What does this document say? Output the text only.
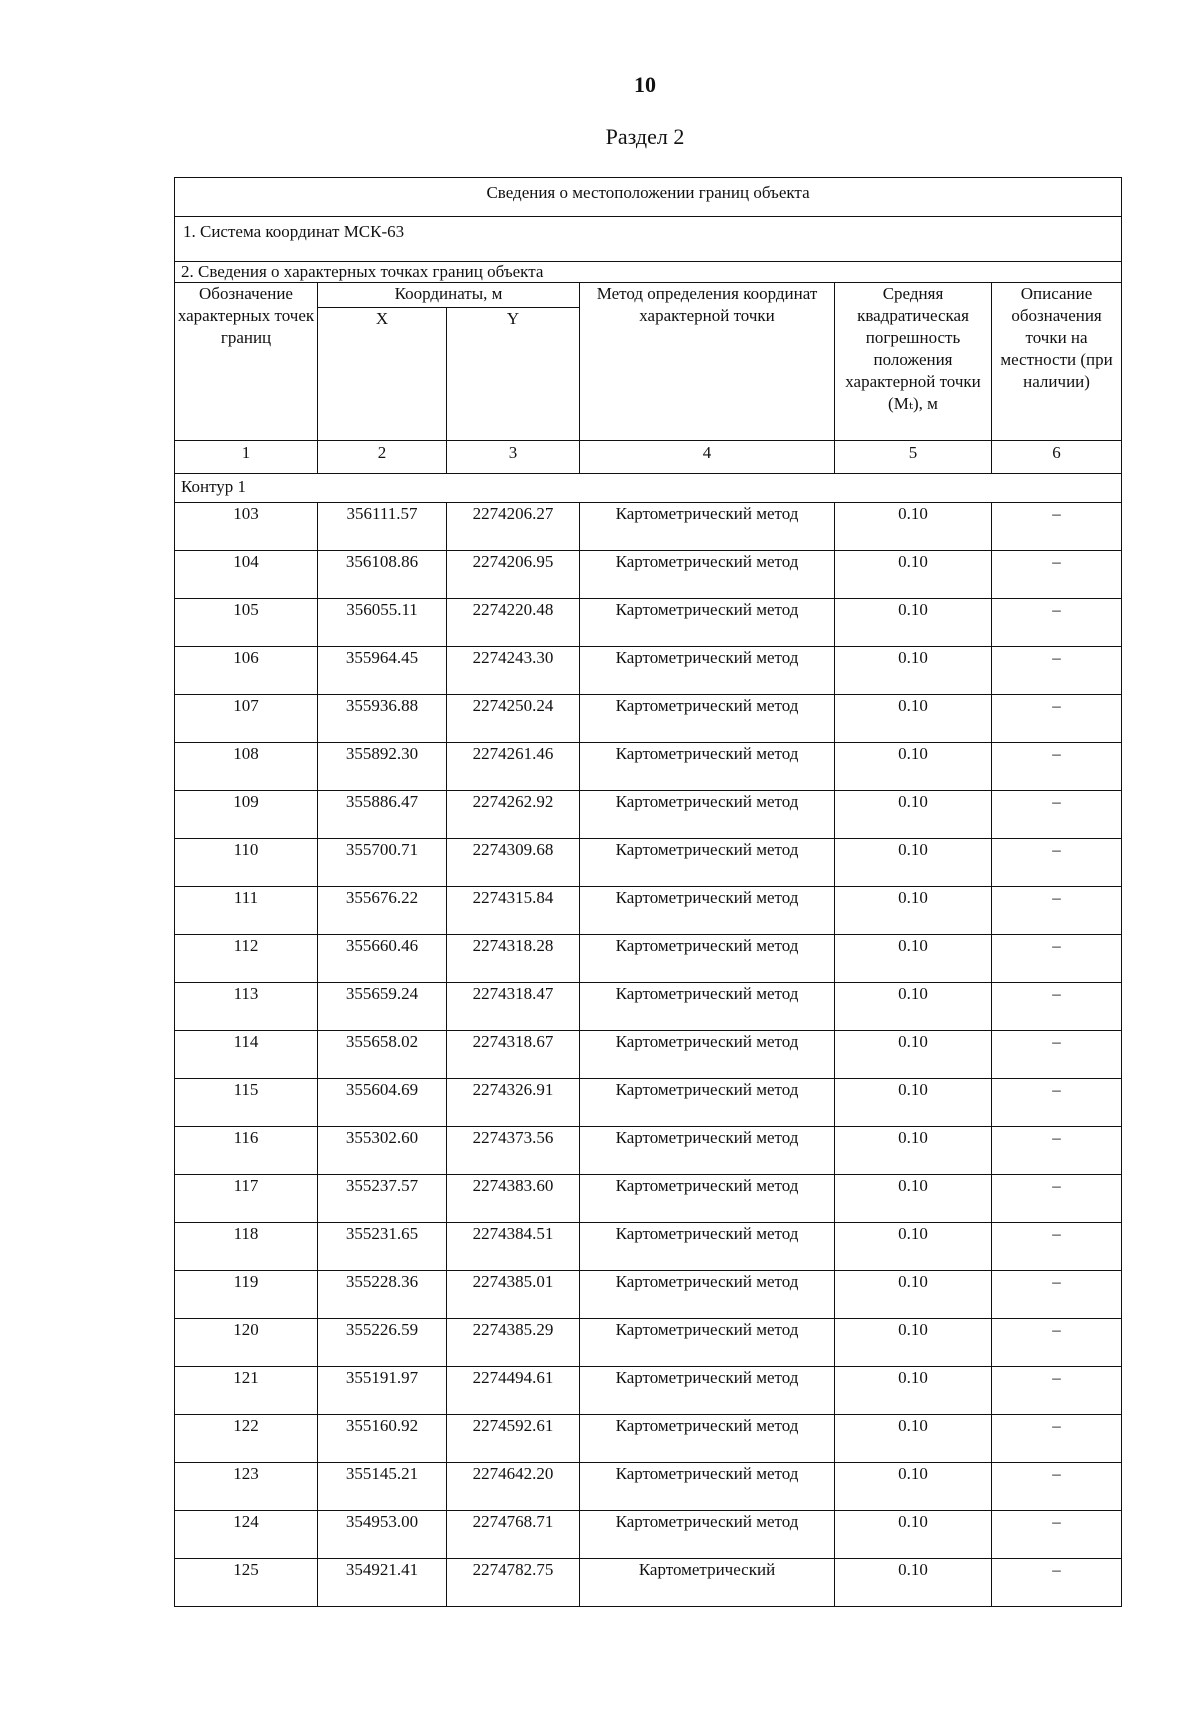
10
Раздел 2
Сведения о местоположении границ объекта					
1. Система координат МСК-63					
2. Сведения о характерных точках границ объекта					
Обозначение характерных точек границ	Координаты, м		Метод определения координат характерной точки	Средняя квадратическая погрешность положения характерной точки (Mₜ), м	Описание обозначения точки на местности (при наличии)
	X	Y			
1	2	3	4	5	6
Контур 1					
103	356111.57	2274206.27	Картометрический метод	0.10	–
104	356108.86	2274206.95	Картометрический метод	0.10	–
105	356055.11	2274220.48	Картометрический метод	0.10	–
106	355964.45	2274243.30	Картометрический метод	0.10	–
107	355936.88	2274250.24	Картометрический метод	0.10	–
108	355892.30	2274261.46	Картометрический метод	0.10	–
109	355886.47	2274262.92	Картометрический метод	0.10	–
110	355700.71	2274309.68	Картометрический метод	0.10	–
111	355676.22	2274315.84	Картометрический метод	0.10	–
112	355660.46	2274318.28	Картометрический метод	0.10	–
113	355659.24	2274318.47	Картометрический метод	0.10	–
114	355658.02	2274318.67	Картометрический метод	0.10	–
115	355604.69	2274326.91	Картометрический метод	0.10	–
116	355302.60	2274373.56	Картометрический метод	0.10	–
117	355237.57	2274383.60	Картометрический метод	0.10	–
118	355231.65	2274384.51	Картометрический метод	0.10	–
119	355228.36	2274385.01	Картометрический метод	0.10	–
120	355226.59	2274385.29	Картометрический метод	0.10	–
121	355191.97	2274494.61	Картометрический метод	0.10	–
122	355160.92	2274592.61	Картометрический метод	0.10	–
123	355145.21	2274642.20	Картометрический метод	0.10	–
124	354953.00	2274768.71	Картометрический метод	0.10	–
125	354921.41	2274782.75	Картометрический	0.10	–
